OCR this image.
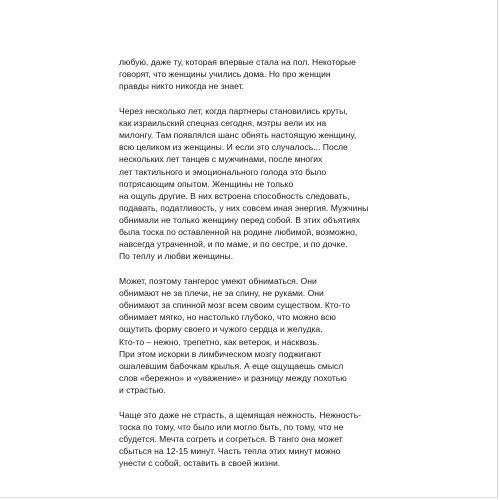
любую, даже ту, которая впервые стала на пол. Некоторые
говорят, что женщины учились дома. Но про женщин
правды никто никогда не знает.

Через несколько лет, когда партнеры становились круты,
как израильский спецназ сегодня, мэтры вели их на
милонгу. Там появлялся шанс обнять настоящую женщину,
всю целиком из женщины. И если это случалось... После
нескольких лет танцев с мужчинами, после многих
лет тактильного и эмоционального голода это было
потрясающим опытом. Женщины не только
на ощупь другие. В них встроена способность следовать,
подавать, податливость, у них совсем иная энергия. Мужчины
обнимали не только женщину перед собой. В этих объятиях
была тоска по оставленной на родине любимой, возможно,
навсегда утраченной, и по маме, и по сестре, и по дочке.
По теплу и любви женщины.

Может, поэтому тангерос умеют обниматься. Они
обнимают не за плечи, не за спину, не руками. Они
обнимают за спинной мозг всем своим существом. Кто-то
обнимает мягко, но настолько глубоко, что можно всю
ощутить форму своего и чужого сердца и желудка.
Кто-то – нежно, трепетно, как ветерок, и насквозь.
При этом искорки в лимбическом мозгу поджигают
ошалевшим бабочкам крылья. А еще ощущаешь смысл
слов «бережно» и «уважение» и разницу между похотью
и страстью.

Чаще это даже не страсть, а щемящая нежность. Нежность-
тоска по тому, что было или могло быть, по тому, что не
сбудется. Мечта согреть и согреться. В танго она может
сбыться на 12-15 минут. Часть тепла этих минут можно
унести с собой, оставить в своей жизни.
